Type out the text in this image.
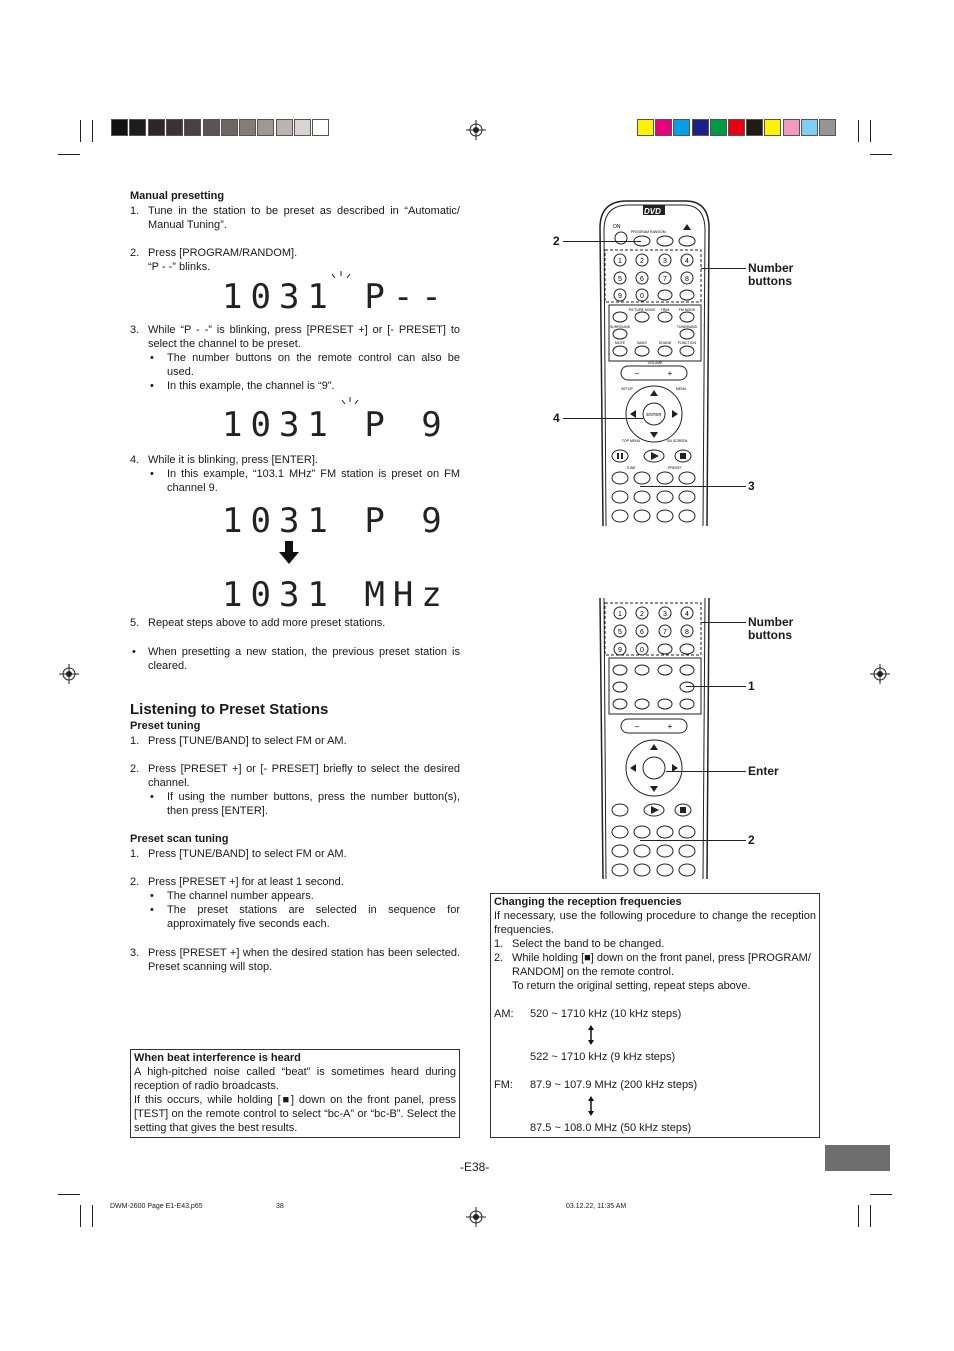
Manual presetting
1. Tune in the station to be preset as described in “Automatic/ Manual Tuning”.
2. Press [PROGRAM/RANDOM].
“P - -” blinks.
1031 P--
3. While “P - -” is blinking, press [PRESET +] or [- PRESET] to select the channel to be preset.
• The number buttons on the remote control can also be used.
• In this example, the channel is “9”.
1031 P 9
4. While it is blinking, press [ENTER].
• In this example, “103.1 MHz” FM station is preset on FM channel 9.
1031 P 9
1031 MHz
5. Repeat steps above to add more preset stations.
• When presetting a new station, the previous preset station is cleared.
Listening to Preset Stations
Preset tuning
1. Press [TUNE/BAND] to select FM or AM.
2. Press [PRESET +] or [- PRESET] briefly to select the desired channel.
• If using the number buttons, press the number button(s), then press [ENTER].
Preset scan tuning
1. Press [TUNE/BAND] to select FM or AM.
2. Press [PRESET +] for at least 1 second.
• The channel number appears.
• The preset stations are selected in sequence for approximately five seconds each.
3. Press [PRESET +] when the desired station has been selected. Preset scanning will stop.
When beat interference is heard
A high-pitched noise called “beat” is sometimes heard during reception of radio broadcasts.
If this occurs, while holding [■] down on the front panel, press [TEST] on the remote control to select “bc-A” or “bc-B”. Select the setting that gives the best results.
Changing the reception frequencies
If necessary, use the following procedure to change the reception frequencies.
1. Select the band to be changed.
2. While holding [■] down on the front panel, press [PROGRAM/ RANDOM] on the remote control.
To return the original setting, repeat steps above.
AM: 520 ~ 1710 kHz (10 kHz steps)
522 ~ 1710 kHz (9 kHz steps)
FM: 87.9 ~ 107.9 MHz (200 kHz steps)
87.5 ~ 108.0 MHz (50 kHz steps)
DVD
ON
PROGRAM RANDOM
1	2	3	4
5	6	7	8
9	0
PICTURE MODE TRIM	FM MODE
SURROUND	TUNE/BAND
MUTE	BASS	SOUND FUNCTION
VOLUME
–	+
SETUP	MENU
ENTER
TOP MENU	ON SCREEN
TUNE	PRESET
2
Number buttons
4
3
1	2	3	4
5	6	7	8
9	0
–	+
Number buttons
1
Enter
2
-E38-
DWM-2600 Page E1-E43.p65	38	03.12.22, 11:35 AM
